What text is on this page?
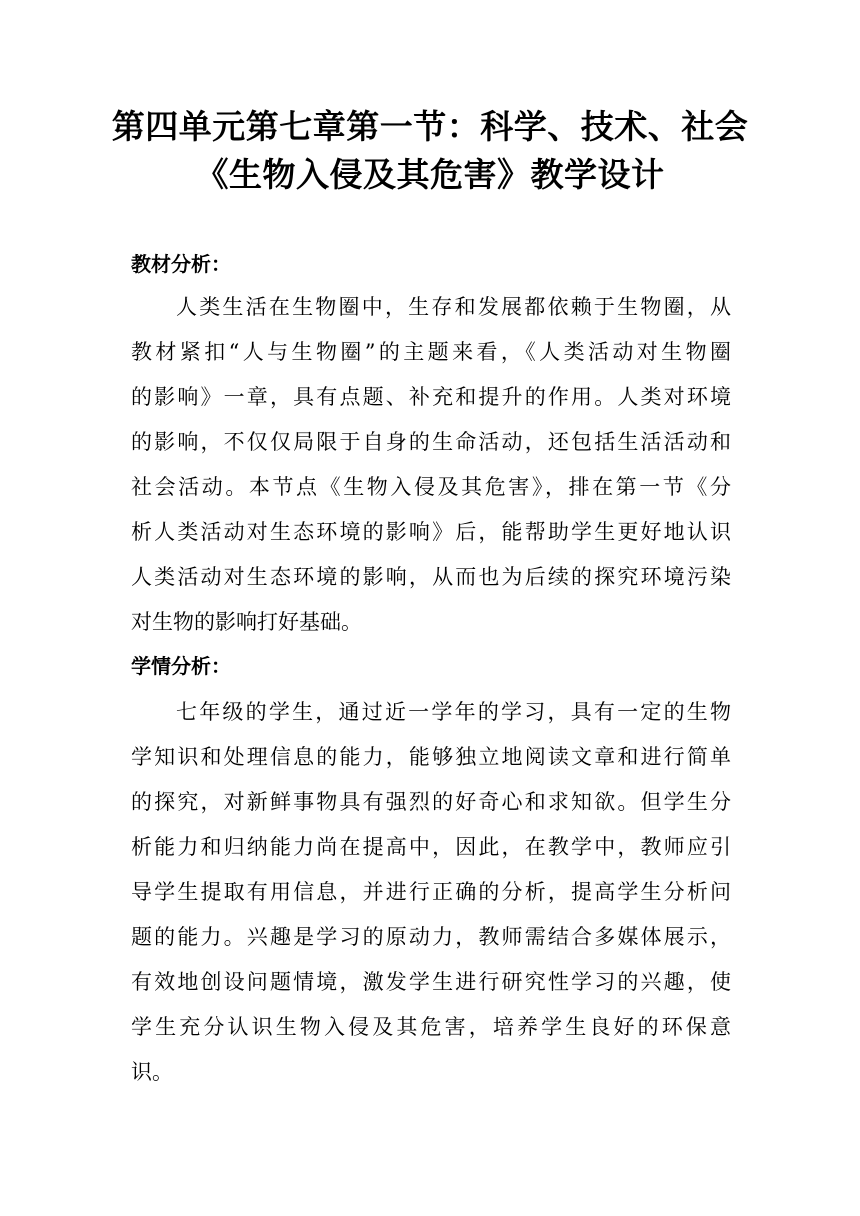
第四单元第七章第一节：科学、技术、社会
《生物入侵及其危害》教学设计
教材分析：
人类生活在生物圈中，生存和发展都依赖于生物圈，从
教材紧扣“人与生物圈”的主题来看，《人类活动对生物圈
的影响》一章，具有点题、补充和提升的作用。人类对环境
的影响，不仅仅局限于自身的生命活动，还包括生活活动和
社会活动。本节点《生物入侵及其危害》，排在第一节《分
析人类活动对生态环境的影响》后，能帮助学生更好地认识
人类活动对生态环境的影响，从而也为后续的探究环境污染
对生物的影响打好基础。
学情分析：
七年级的学生，通过近一学年的学习，具有一定的生物
学知识和处理信息的能力，能够独立地阅读文章和进行简单
的探究，对新鲜事物具有强烈的好奇心和求知欲。但学生分
析能力和归纳能力尚在提高中，因此，在教学中，教师应引
导学生提取有用信息，并进行正确的分析，提高学生分析问
题的能力。兴趣是学习的原动力，教师需结合多媒体展示，
有效地创设问题情境，激发学生进行研究性学习的兴趣，使
学生充分认识生物入侵及其危害，培养学生良好的环保意
识。
